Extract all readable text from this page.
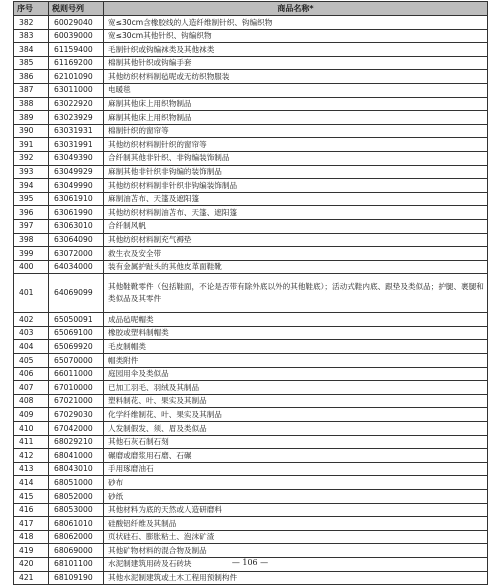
序号	税则号列	商品名称*
382	60029040	宽≤30cm含橡胶线的人造纤维制针织、钩编织物
383	60039000	宽≤30cm其他针织、钩编织物
384	61159400	毛制针织或钩编袜类及其他袜类
385	61169200	棉制其他针织或钩编手套
386	62101090	其他纺织材料制毡呢或无纺织物服装
387	63011000	电暖毯
388	63022920	麻制其他床上用织物制品
389	63023929	麻制其他床上用织物制品
390	63031931	棉制针织的窗帘等
391	63031991	其他纺织材料制针织的窗帘等
392	63049390	合纤制其他非针织、非钩编装饰制品
393	63049929	麻制其他非针织非钩编的装饰制品
394	63049990	其他纺织材料制非针织非钩编装饰制品
395	63061910	麻制油苫布、天篷及遮阳篷
396	63061990	其他纺织材料制油苫布、天篷、遮阳篷
397	63063010	合纤制风帆
398	63064090	其他纺织材料制充气褥垫
399	63072000	救生衣及安全带
400	64034000	装有金属护趾头的其他皮革面鞋靴
401	64069099	其他鞋靴零件（包括鞋面，不论是否带有除外底以外的其他鞋底）；活动式鞋内底、跟垫及类似品；护腿、裹腿和类似品及其零件

402	65050091	成品毡呢帽类
403	65069100	橡胶或塑料制帽类
404	65069920	毛皮制帽类
405	65070000	帽类附件
406	66011000	庭园用伞及类似品
407	67010000	已加工羽毛、羽绒及其制品
408	67021000	塑料制花、叶、果实及其制品
409	67029030	化学纤维制花、叶、果实及其制品
410	67042000	人发制假发、须、眉及类似品
411	68029210	其他石灰石制石刻
412	68041000	碾磨或磨浆用石磨、石碾
413	68043010	手用琢磨油石
414	68051000	砂布
415	68052000	砂纸
416	68053000	其他材料为底的天然或人造研磨料
417	68061010	硅酸铝纤维及其制品
418	68062000	页状硅石、膨胀粘土、泡沫矿渣
419	68069000	其他矿物材料的混合物及制品
420	68101100	水泥制建筑用砖及石砖块
421	68109190	其他水泥制建筑或土木工程用预制构件
— 106 —
